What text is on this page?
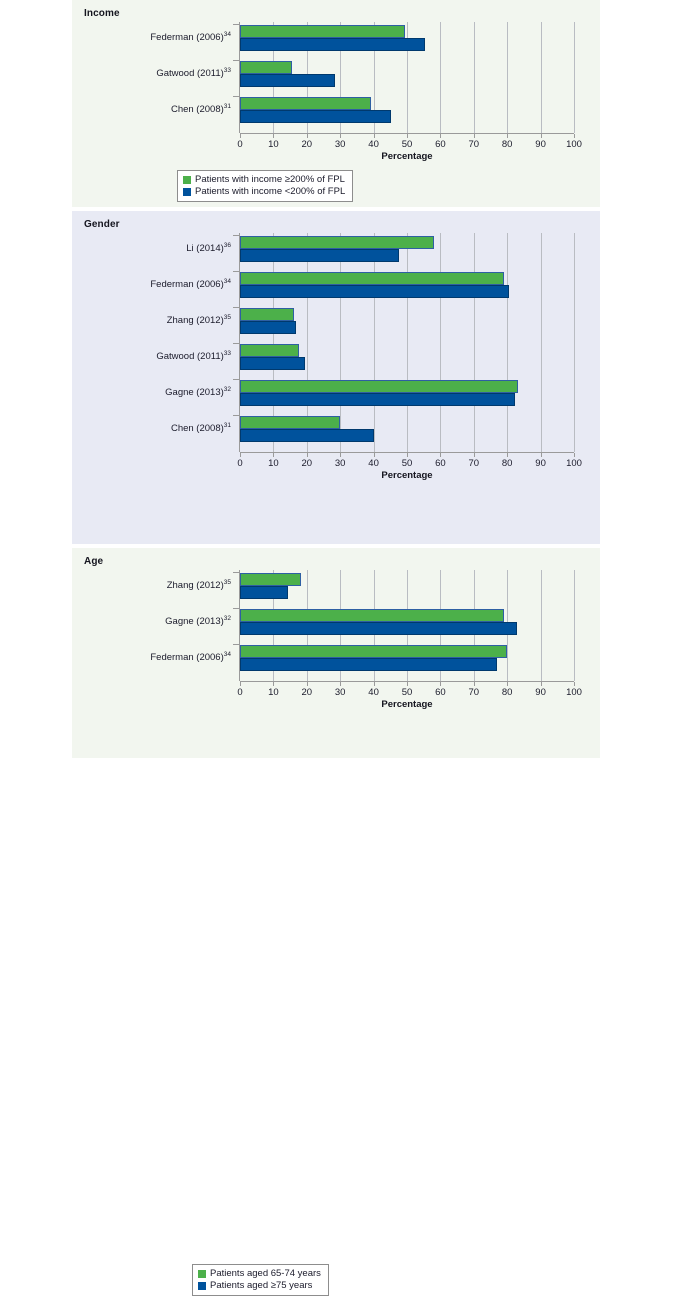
Income
Federman $(2006)^{34}$
Gatwood $(2011)^{33}$
Chen $(2008)^{31}$
0	10 20 30 40 50 60 70 80 90 100
Percentage
Patients with income ≥200% of FPL
Patients with income <200% of FPL
Gender
Li $(2014)^{36}$
Federman $(2006)^{34}$
Zhang $(2012)^{35}$
Gatwood $(2011)^{33}$
Gagne $(2013)^{32}$
Chen $(2008)^{31}$
0	10 20 30 40 50 60 70 80 90 100
Percentage
Age
Zhang $(2012)^{35}$
Gagne $(2013)^{32}$
Federman $(2006)^{34}$
0	10 20 30 40 50 60 70 80 90 100
Percentage
Patients aged 65-74 years
Patients aged ≥75 years
